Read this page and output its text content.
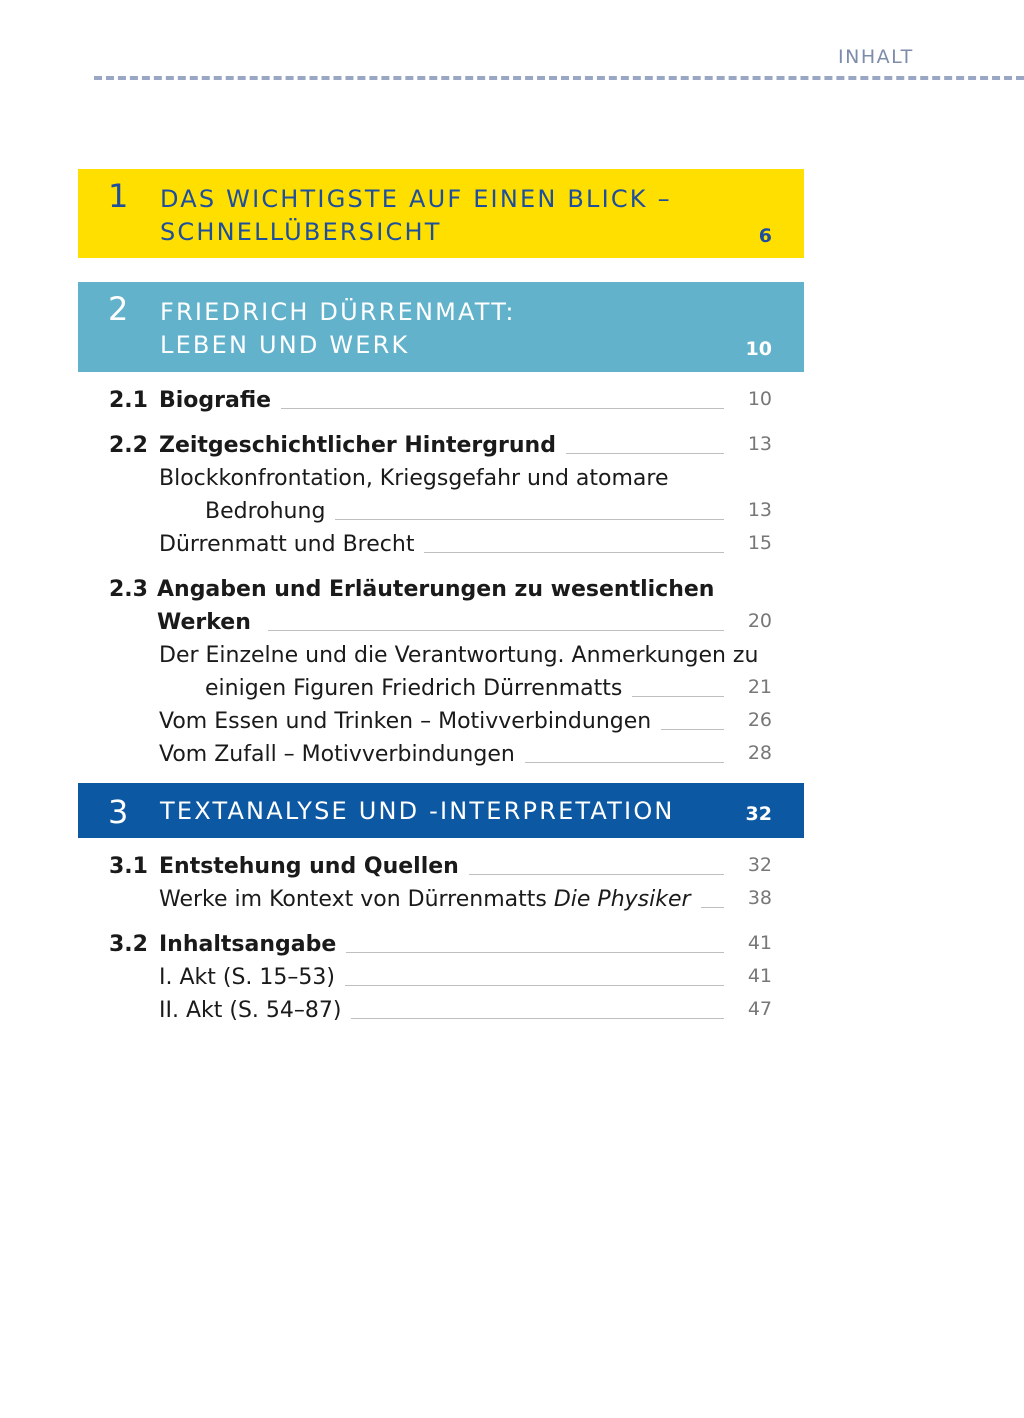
INHALT
1 DAS WICHTIGSTE AUF EINEN BLICK –
SCHNELLÜBERSICHT	6
2 FRIEDRICH DÜRRENMATT:
LEBEN UND WERK	10
2.1 Biografie	10
2.2 Zeitgeschichtlicher Hintergrund	13
Blockkonfrontation, Kriegsgefahr und atomare
Bedrohung	13
Dürrenmatt und Brecht	15
2.3 Angaben und Erläuterungen zu wesentlichen
Werken	20
Der Einzelne und die Verantwortung. Anmerkungen zu
einigen Figuren Friedrich Dürrenmatts	21
Vom Essen und Trinken – Motivverbindungen	26
Vom Zufall – Motivverbindungen	28
3 TEXTANALYSE UND -INTERPRETATION	32
3.1 Entstehung und Quellen	32
Werke im Kontext von Dürrenmatts Die Physiker	38
3.2 Inhaltsangabe	41
I. Akt (S. 15–53)	41
II. Akt (S. 54–87)	47
